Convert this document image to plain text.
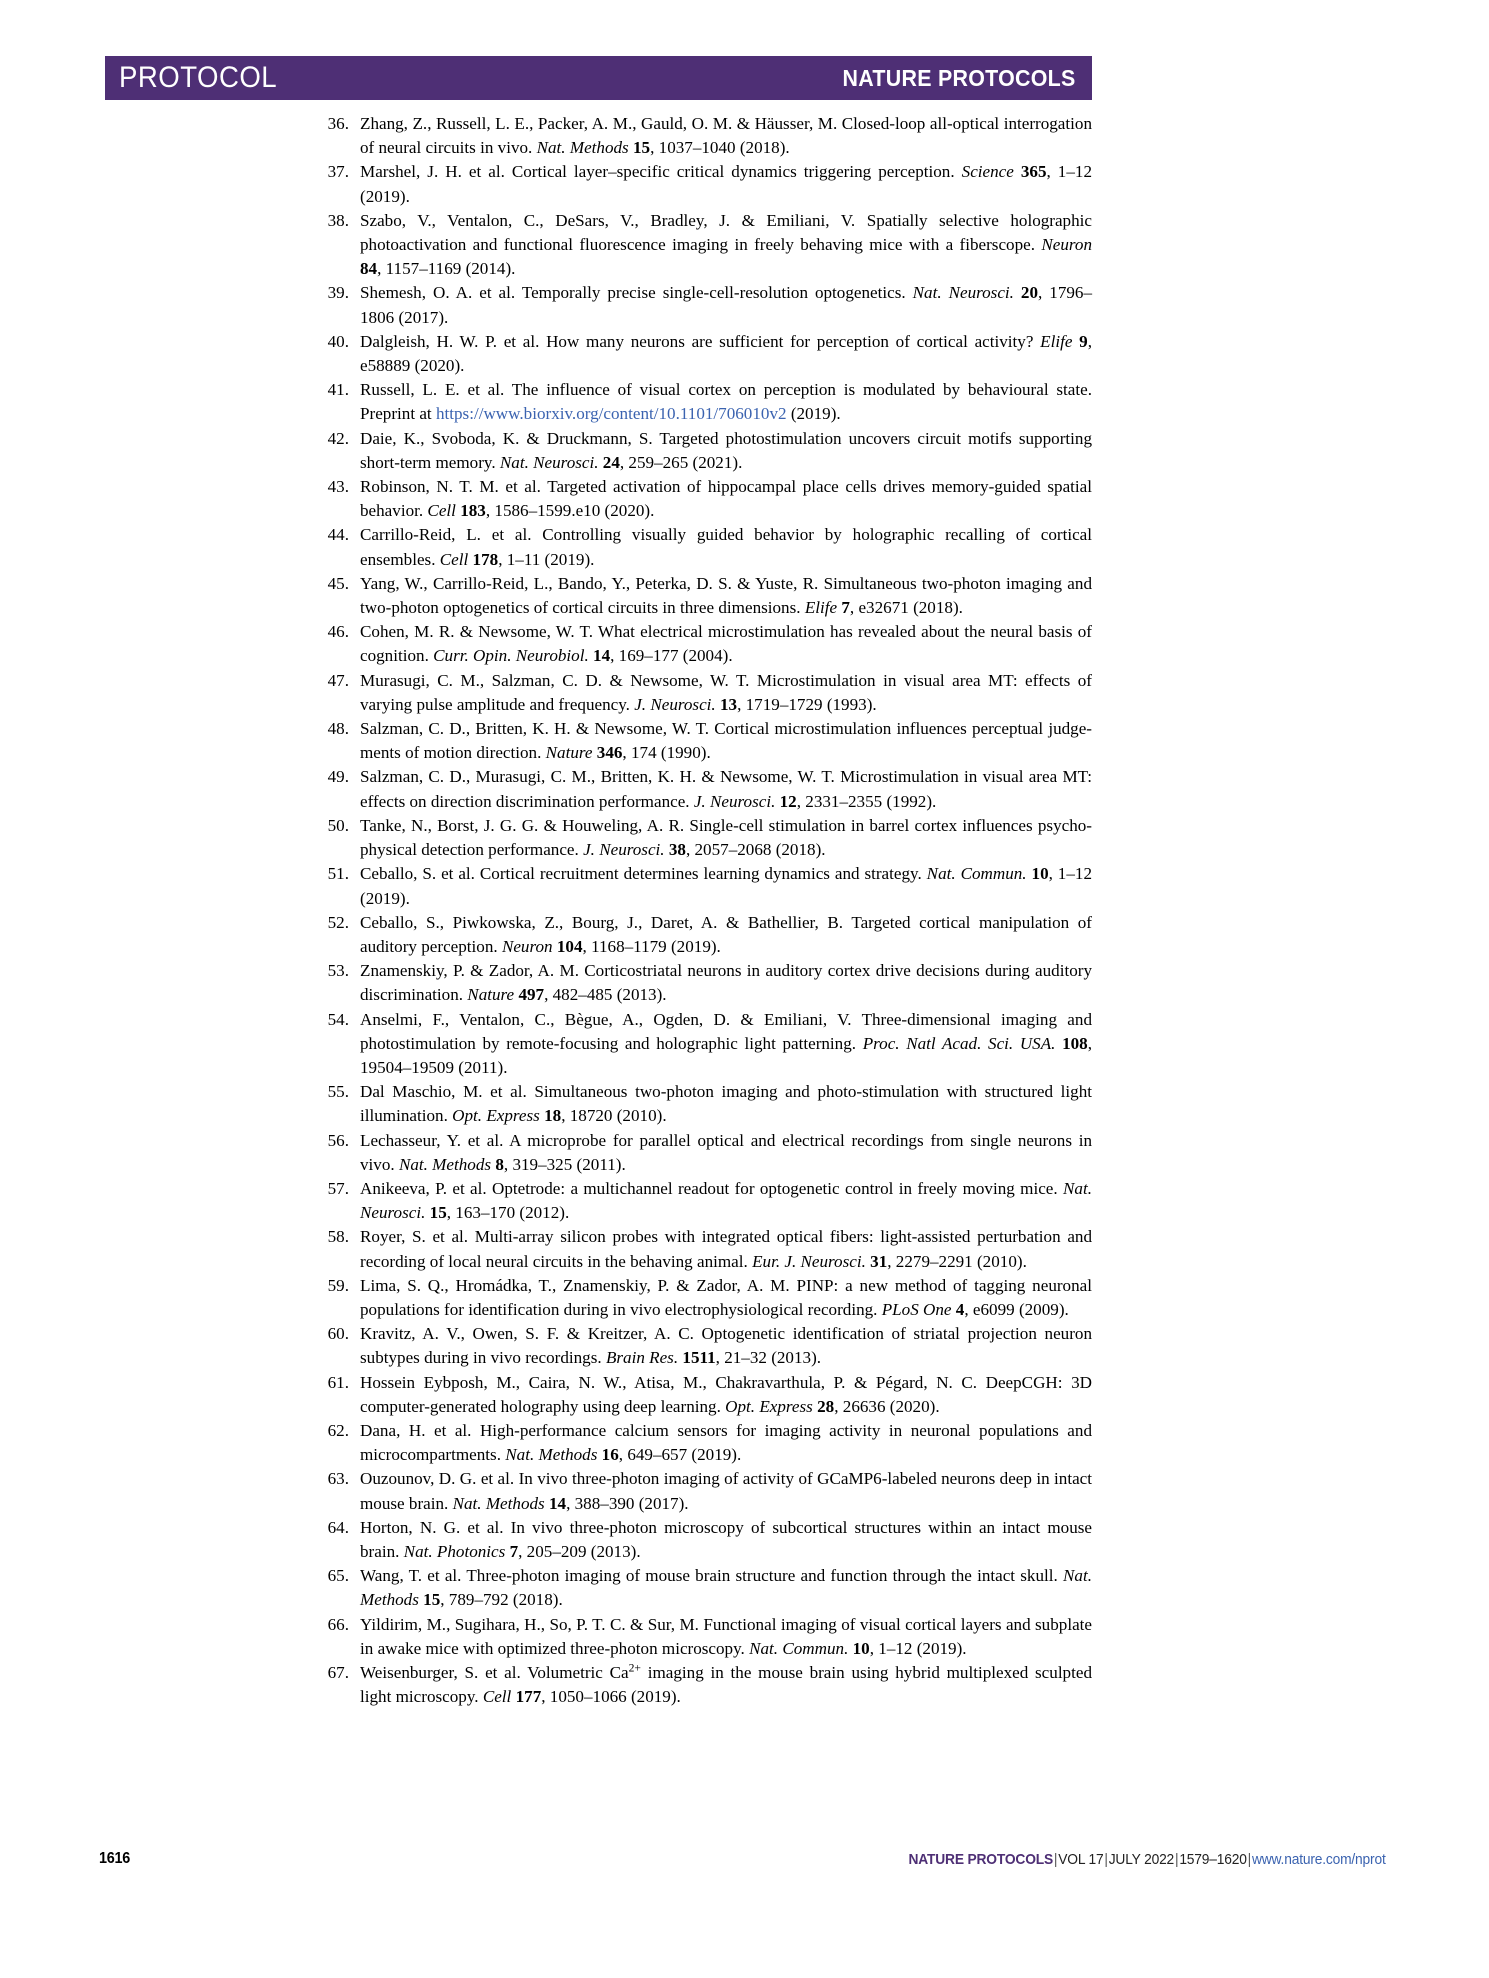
PROTOCOL	NATURE PROTOCOLS
36. Zhang, Z., Russell, L. E., Packer, A. M., Gauld, O. M. & Häusser, M. Closed-loop all-optical interrogation of neural circuits in vivo. Nat. Methods 15, 1037–1040 (2018).
37. Marshel, J. H. et al. Cortical layer–specific critical dynamics triggering perception. Science 365, 1–12 (2019).
38. Szabo, V., Ventalon, C., DeSars, V., Bradley, J. & Emiliani, V. Spatially selective holographic photoactivation and functional fluorescence imaging in freely behaving mice with a fiberscope. Neuron 84, 1157–1169 (2014).
39. Shemesh, O. A. et al. Temporally precise single-cell-resolution optogenetics. Nat. Neurosci. 20, 1796–1806 (2017).
40. Dalgleish, H. W. P. et al. How many neurons are sufficient for perception of cortical activity? Elife 9, e58889 (2020).
41. Russell, L. E. et al. The influence of visual cortex on perception is modulated by behavioural state. Preprint at https://www.biorxiv.org/content/10.1101/706010v2 (2019).
42. Daie, K., Svoboda, K. & Druckmann, S. Targeted photostimulation uncovers circuit motifs supporting short-term memory. Nat. Neurosci. 24, 259–265 (2021).
43. Robinson, N. T. M. et al. Targeted activation of hippocampal place cells drives memory-guided spatial behavior. Cell 183, 1586–1599.e10 (2020).
44. Carrillo-Reid, L. et al. Controlling visually guided behavior by holographic recalling of cortical ensembles. Cell 178, 1–11 (2019).
45. Yang, W., Carrillo-Reid, L., Bando, Y., Peterka, D. S. & Yuste, R. Simultaneous two-photon imaging and two-photon optogenetics of cortical circuits in three dimensions. Elife 7, e32671 (2018).
46. Cohen, M. R. & Newsome, W. T. What electrical microstimulation has revealed about the neural basis of cognition. Curr. Opin. Neurobiol. 14, 169–177 (2004).
47. Murasugi, C. M., Salzman, C. D. & Newsome, W. T. Microstimulation in visual area MT: effects of varying pulse amplitude and frequency. J. Neurosci. 13, 1719–1729 (1993).
48. Salzman, C. D., Britten, K. H. & Newsome, W. T. Cortical microstimulation influences perceptual judge-ments of motion direction. Nature 346, 174 (1990).
49. Salzman, C. D., Murasugi, C. M., Britten, K. H. & Newsome, W. T. Microstimulation in visual area MT: effects on direction discrimination performance. J. Neurosci. 12, 2331–2355 (1992).
50. Tanke, N., Borst, J. G. G. & Houweling, A. R. Single-cell stimulation in barrel cortex influences psycho-physical detection performance. J. Neurosci. 38, 2057–2068 (2018).
51. Ceballo, S. et al. Cortical recruitment determines learning dynamics and strategy. Nat. Commun. 10, 1–12 (2019).
52. Ceballo, S., Piwkowska, Z., Bourg, J., Daret, A. & Bathellier, B. Targeted cortical manipulation of auditory perception. Neuron 104, 1168–1179 (2019).
53. Znamenskiy, P. & Zador, A. M. Corticostriatal neurons in auditory cortex drive decisions during auditory discrimination. Nature 497, 482–485 (2013).
54. Anselmi, F., Ventalon, C., Bègue, A., Ogden, D. & Emiliani, V. Three-dimensional imaging and photostimulation by remote-focusing and holographic light patterning. Proc. Natl Acad. Sci. USA. 108, 19504–19509 (2011).
55. Dal Maschio, M. et al. Simultaneous two-photon imaging and photo-stimulation with structured light illumination. Opt. Express 18, 18720 (2010).
56. Lechasseur, Y. et al. A microprobe for parallel optical and electrical recordings from single neurons in vivo. Nat. Methods 8, 319–325 (2011).
57. Anikeeva, P. et al. Optetrode: a multichannel readout for optogenetic control in freely moving mice. Nat. Neurosci. 15, 163–170 (2012).
58. Royer, S. et al. Multi-array silicon probes with integrated optical fibers: light-assisted perturbation and recording of local neural circuits in the behaving animal. Eur. J. Neurosci. 31, 2279–2291 (2010).
59. Lima, S. Q., Hromádka, T., Znamenskiy, P. & Zador, A. M. PINP: a new method of tagging neuronal populations for identification during in vivo electrophysiological recording. PLoS One 4, e6099 (2009).
60. Kravitz, A. V., Owen, S. F. & Kreitzer, A. C. Optogenetic identification of striatal projection neuron subtypes during in vivo recordings. Brain Res. 1511, 21–32 (2013).
61. Hossein Eybposh, M., Caira, N. W., Atisa, M., Chakravarthula, P. & Pégard, N. C. DeepCGH: 3D computer-generated holography using deep learning. Opt. Express 28, 26636 (2020).
62. Dana, H. et al. High-performance calcium sensors for imaging activity in neuronal populations and microcompartments. Nat. Methods 16, 649–657 (2019).
63. Ouzounov, D. G. et al. In vivo three-photon imaging of activity of GCaMP6-labeled neurons deep in intact mouse brain. Nat. Methods 14, 388–390 (2017).
64. Horton, N. G. et al. In vivo three-photon microscopy of subcortical structures within an intact mouse brain. Nat. Photonics 7, 205–209 (2013).
65. Wang, T. et al. Three-photon imaging of mouse brain structure and function through the intact skull. Nat. Methods 15, 789–792 (2018).
66. Yildirim, M., Sugihara, H., So, P. T. C. & Sur, M. Functional imaging of visual cortical layers and subplate in awake mice with optimized three-photon microscopy. Nat. Commun. 10, 1–12 (2019).
67. Weisenburger, S. et al. Volumetric $Ca^{2+}$ imaging in the mouse brain using hybrid multiplexed sculpted light microscopy. Cell 177, 1050–1066 (2019).
1616	NATURE PROTOCOLS|VOL 17|JULY 2022|1579–1620|www.nature.com/nprot
